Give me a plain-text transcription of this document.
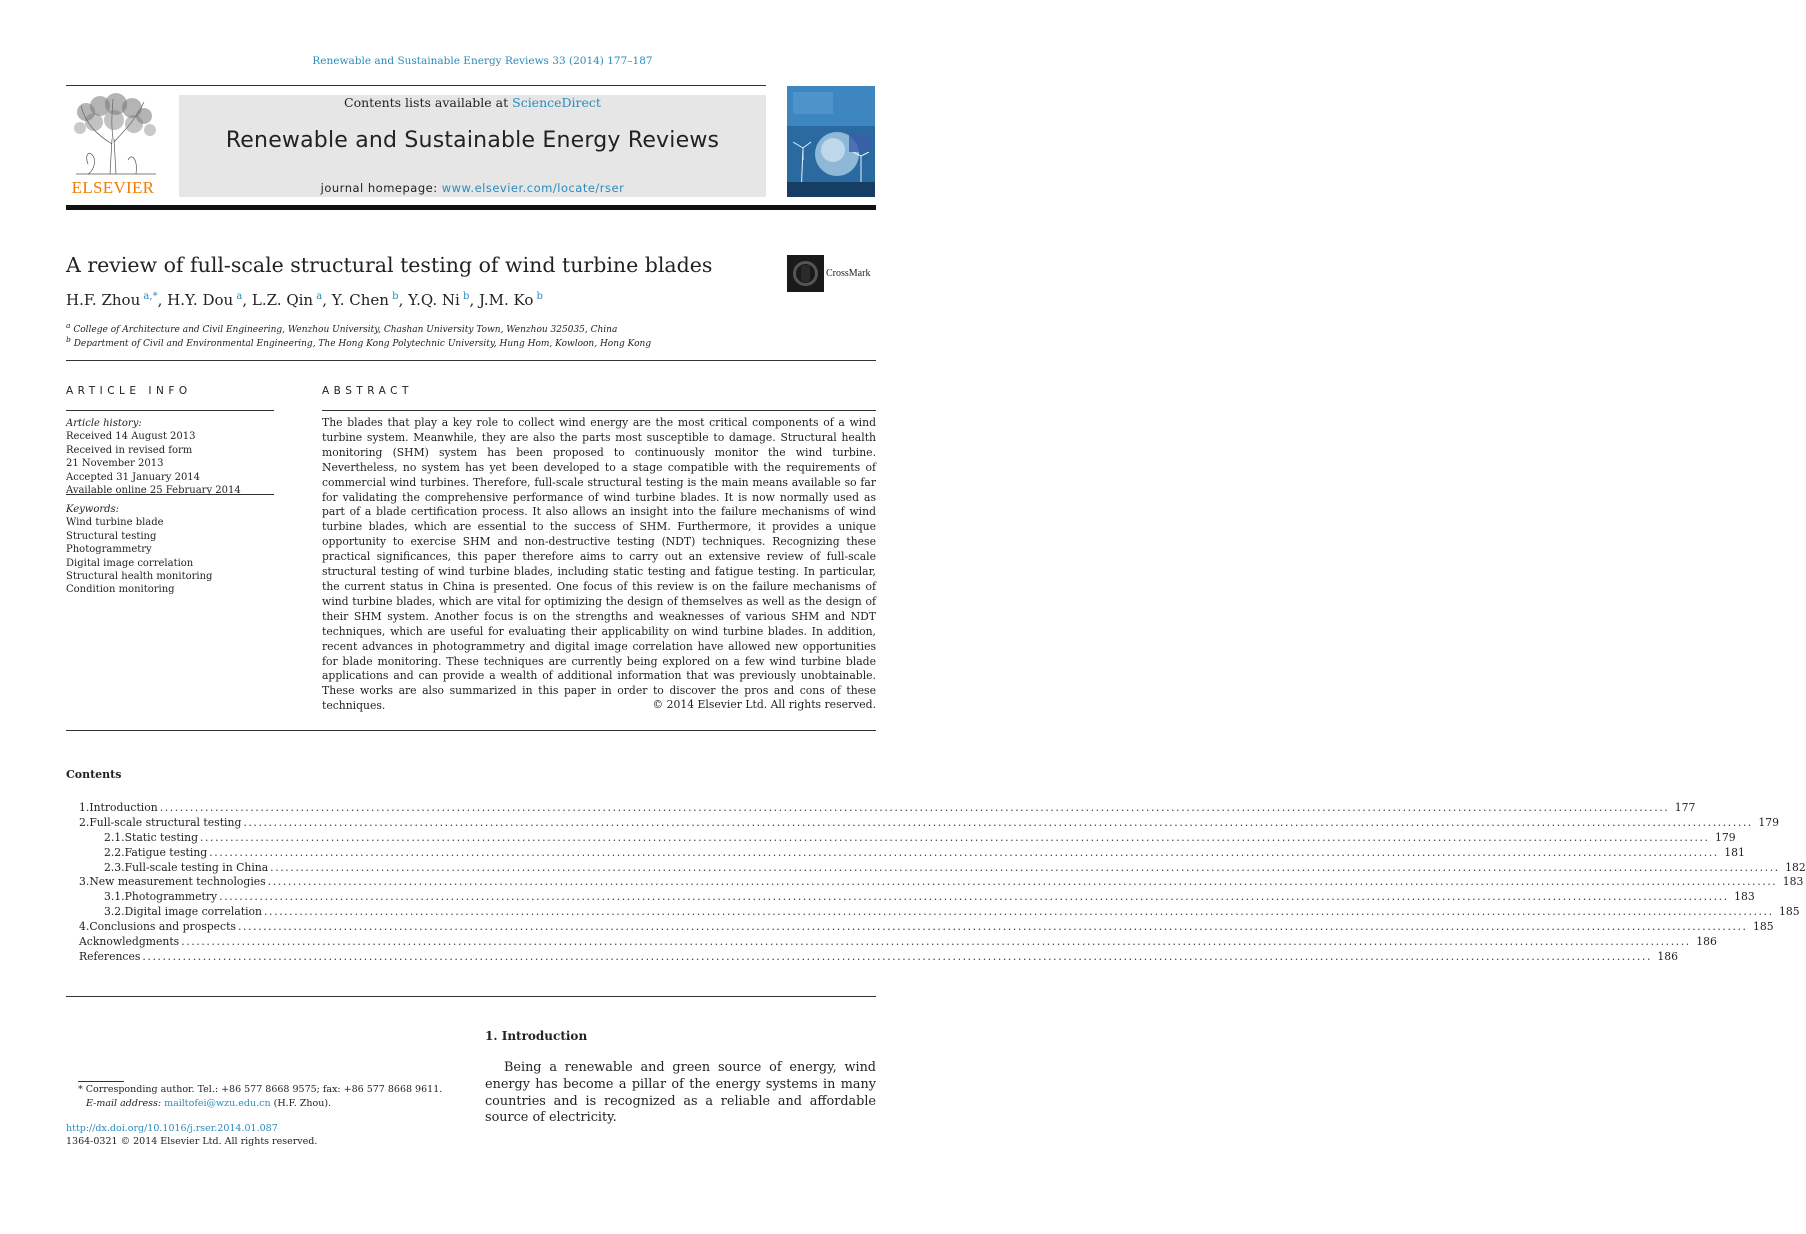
Renewable and Sustainable Energy Reviews 33 (2014) 177–187
ELSEVIER
Contents lists available at ScienceDirect
Renewable and Sustainable Energy Reviews
journal homepage: www.elsevier.com/locate/rser
A review of full-scale structural testing of wind turbine blades	CrossMark
H.F. Zhou $^{a,*}$, H.Y. Dou $^a$, L.Z. Qin $^a$, Y. Chen $^b$, Y.Q. Ni $^b$, J.M. Ko $^b$
$^a$ College of Architecture and Civil Engineering, Wenzhou University, Chashan University Town, Wenzhou 325035, China
$^b$ Department of Civil and Environmental Engineering, The Hong Kong Polytechnic University, Hung Hom, Kowloon, Hong Kong
ARTICLE INFO
Article history:
Received 14 August 2013
Received in revised form
21 November 2013
Accepted 31 January 2014
Available online 25 February 2014
Keywords:
Wind turbine blade
Structural testing
Photogrammetry
Digital image correlation
Structural health monitoring
Condition monitoring
ABSTRACT
The blades that play a key role to collect wind energy are the most critical components of a wind turbine system. Meanwhile, they are also the parts most susceptible to damage. Structural health monitoring (SHM) system has been proposed to continuously monitor the wind turbine. Nevertheless, no system has yet been developed to a stage compatible with the requirements of commercial wind turbines. Therefore, full-scale structural testing is the main means available so far for validating the comprehensive performance of wind turbine blades. It is now normally used as part of a blade certification process. It also allows an insight into the failure mechanisms of wind turbine blades, which are essential to the success of SHM. Furthermore, it provides a unique opportunity to exercise SHM and non-destructive testing (NDT) techniques. Recognizing these practical significances, this paper therefore aims to carry out an extensive review of full-scale structural testing of wind turbine blades, including static testing and fatigue testing. In particular, the current status in China is presented. One focus of this review is on the failure mechanisms of wind turbine blades, which are vital for optimizing the design of themselves as well as the design of their SHM system. Another focus is on the strengths and weaknesses of various SHM and NDT techniques, which are useful for evaluating their applicability on wind turbine blades. In addition, recent advances in photogrammetry and digital image correlation have allowed new opportunities for blade monitoring. These techniques are currently being explored on a few wind turbine blade applications and can provide a wealth of additional information that was previously unobtainable. These works are also summarized in this paper in order to discover the pros and cons of these techniques.	© 2014 Elsevier Ltd. All rights reserved.
Contents
1. Introduction ............................................................................................................................................................................................................................................................................................................ 177
2. Full-scale structural testing ............................................................................................................................................................................................................................................................................................................ 179
2.1. Static testing ............................................................................................................................................................................................................................................................................................................ 179
2.2. Fatigue testing ............................................................................................................................................................................................................................................................................................................ 181
2.3. Full-scale testing in China ............................................................................................................................................................................................................................................................................................................ 182
3. New measurement technologies ............................................................................................................................................................................................................................................................................................................ 183
3.1. Photogrammetry ............................................................................................................................................................................................................................................................................................................ 183
3.2. Digital image correlation ............................................................................................................................................................................................................................................................................................................ 185
4. Conclusions and prospects ............................................................................................................................................................................................................................................................................................................ 185
Acknowledgments ............................................................................................................................................................................................................................................................................................................ 186
References ............................................................................................................................................................................................................................................................................................................ 186
1. Introduction
Being a renewable and green source of energy, wind energy has become a pillar of the energy systems in many countries and is recognized as a reliable and affordable source of electricity.
* Corresponding author. Tel.: +86 577 8668 9575; fax: +86 577 8668 9611.
E-mail address: mailtofei@wzu.edu.cn (H.F. Zhou).
http://dx.doi.org/10.1016/j.rser.2014.01.087
1364-0321 © 2014 Elsevier Ltd. All rights reserved.
